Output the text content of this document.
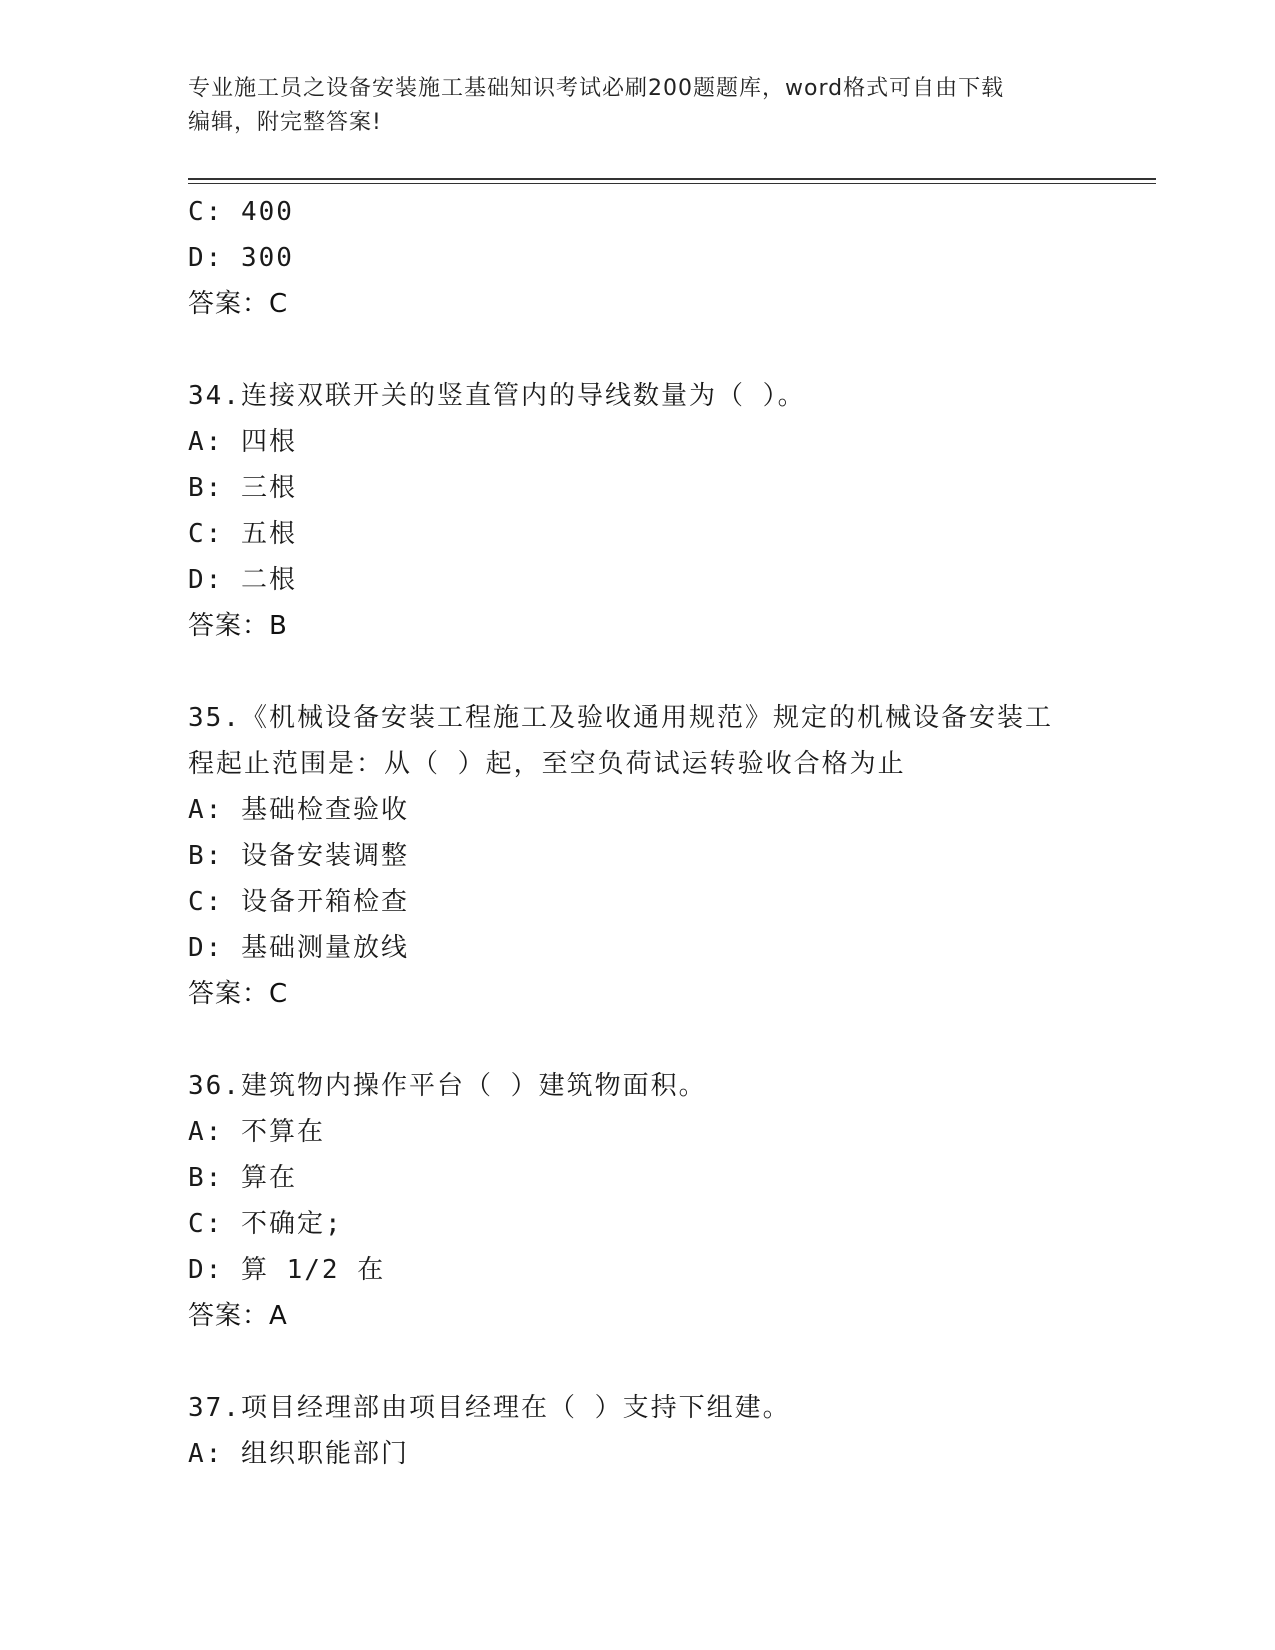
专业施工员之设备安装施工基础知识考试必刷200题题库，word格式可自由下载
编辑，附完整答案!
C: 400
D: 300
答案：C
34.连接双联开关的竖直管内的导线数量为（ ）。
A: 四根
B: 三根
C: 五根
D: 二根
答案：B
35.《机械设备安装工程施工及验收通用规范》规定的机械设备安装工
程起止范围是：从（ ）起，至空负荷试运转验收合格为止
A: 基础检查验收
B: 设备安装调整
C: 设备开箱检查
D: 基础测量放线
答案：C
36.建筑物内操作平台（ ）建筑物面积。
A: 不算在
B: 算在
C: 不确定;
D: 算 1/2 在
答案：A
37.项目经理部由项目经理在（ ）支持下组建。
A: 组织职能部门
